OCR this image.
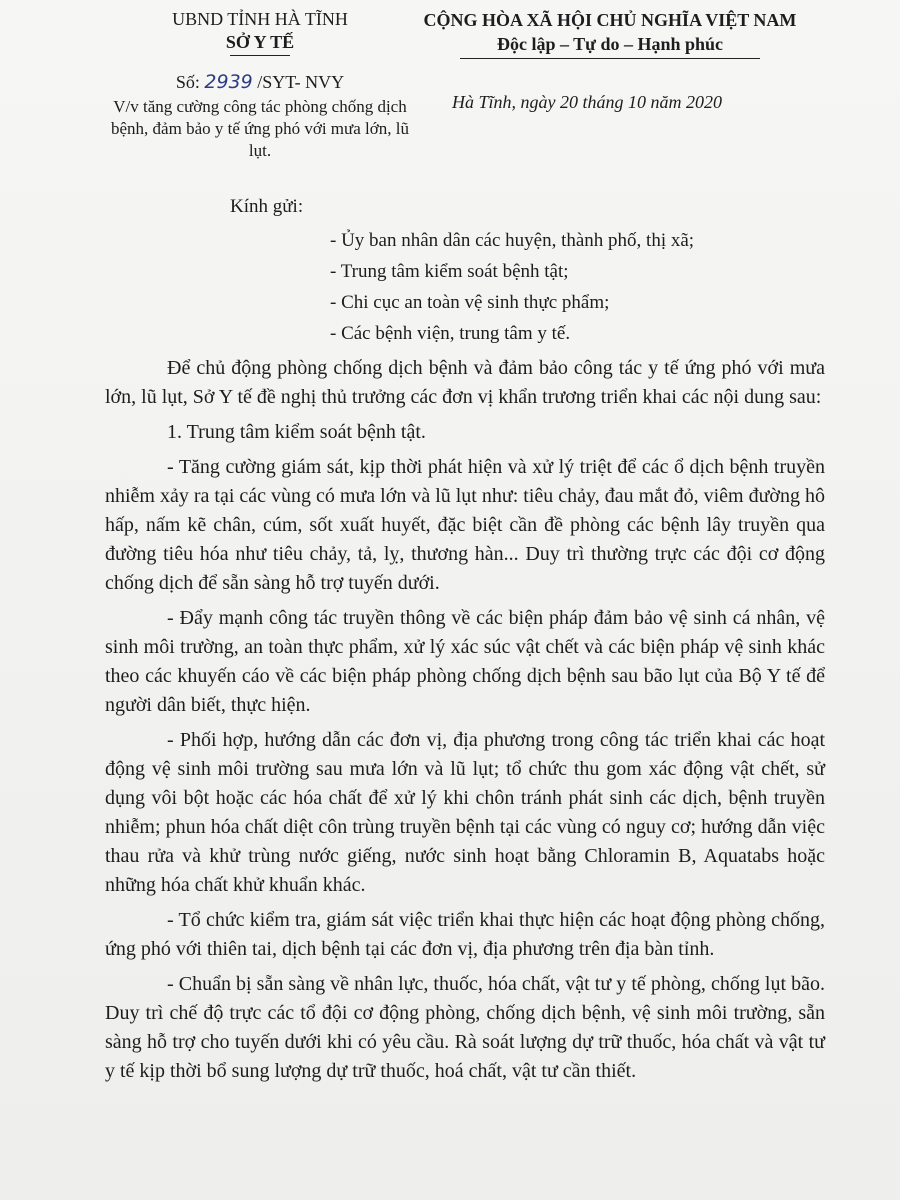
UBND TỈNH HÀ TĨNH
SỞ Y TẾ
Số: 2939 /SYT- NVY
V/v tăng cường công tác phòng chống dịch bệnh, đảm bảo y tế ứng phó với mưa lớn, lũ lụt.
CỘNG HÒA XÃ HỘI CHỦ NGHĨA VIỆT NAM
Độc lập – Tự do – Hạnh phúc
Hà Tĩnh, ngày 20 tháng 10 năm 2020
Kính gửi:
- Ủy ban nhân dân các huyện, thành phố, thị xã;
- Trung tâm kiểm soát bệnh tật;
- Chi cục an toàn vệ sinh thực phẩm;
- Các bệnh viện, trung tâm y tế.

Để chủ động phòng chống dịch bệnh và đảm bảo công tác y tế ứng phó với mưa lớn, lũ lụt, Sở Y tế đề nghị thủ trưởng các đơn vị khẩn trương triển khai các nội dung sau:

1. Trung tâm kiểm soát bệnh tật.

- Tăng cường giám sát, kịp thời phát hiện và xử lý triệt để các ổ dịch bệnh truyền nhiễm xảy ra tại các vùng có mưa lớn và lũ lụt như: tiêu chảy, đau mắt đỏ, viêm đường hô hấp, nấm kẽ chân, cúm, sốt xuất huyết, đặc biệt cần đề phòng các bệnh lây truyền qua đường tiêu hóa như tiêu chảy, tả, lỵ, thương hàn... Duy trì thường trực các đội cơ động chống dịch để sẵn sàng hỗ trợ tuyến dưới.

- Đẩy mạnh công tác truyền thông về các biện pháp đảm bảo vệ sinh cá nhân, vệ sinh môi trường, an toàn thực phẩm, xử lý xác súc vật chết và các biện pháp vệ sinh khác theo các khuyến cáo về các biện pháp phòng chống dịch bệnh sau bão lụt của Bộ Y tế để người dân biết, thực hiện.

- Phối hợp, hướng dẫn các đơn vị, địa phương trong công tác triển khai các hoạt động vệ sinh môi trường sau mưa lớn và lũ lụt; tổ chức thu gom xác động vật chết, sử dụng vôi bột hoặc các hóa chất để xử lý khi chôn tránh phát sinh các dịch, bệnh truyền nhiễm; phun hóa chất diệt côn trùng truyền bệnh tại các vùng có nguy cơ; hướng dẫn việc thau rửa và khử trùng nước giếng, nước sinh hoạt bằng Chloramin B, Aquatabs hoặc những hóa chất khử khuẩn khác.

- Tổ chức kiểm tra, giám sát việc triển khai thực hiện các hoạt động phòng chống, ứng phó với thiên tai, dịch bệnh tại các đơn vị, địa phương trên địa bàn tỉnh.

- Chuẩn bị sẵn sàng về nhân lực, thuốc, hóa chất, vật tư y tế phòng, chống lụt bão. Duy trì chế độ trực các tổ đội cơ động phòng, chống dịch bệnh, vệ sinh môi trường, sẵn sàng hỗ trợ cho tuyến dưới khi có yêu cầu. Rà soát lượng dự trữ thuốc, hóa chất và vật tư y tế kịp thời bổ sung lượng dự trữ thuốc, hoá chất, vật tư cần thiết.
